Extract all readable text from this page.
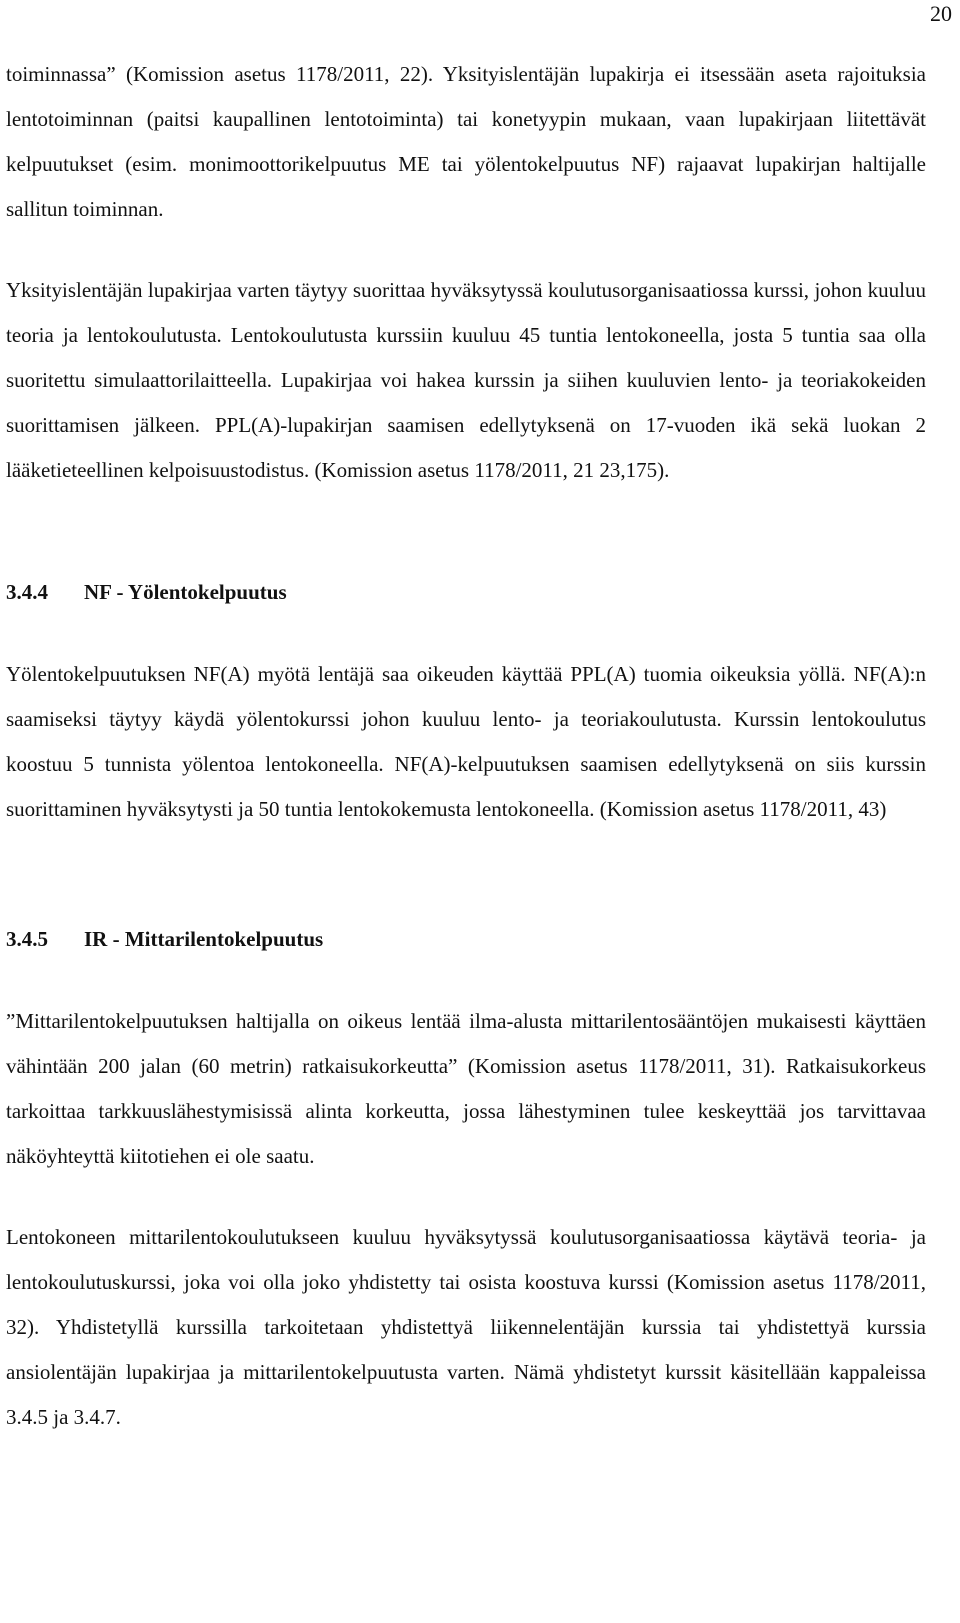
20

toiminnassa” (Komission asetus 1178/2011, 22). Yksityislentäjän lupakirja ei itsessään aseta rajoituksia lentotoiminnan (paitsi kaupallinen lentotoiminta) tai konetyypin mukaan, vaan lupakirjaan liitettävät kelpuutukset (esim. monimoottorikelpuutus ME tai yölentokelpuutus NF) rajaavat lupakirjan haltijalle sallitun toiminnan.

Yksityislentäjän lupakirjaa varten täytyy suorittaa hyväksytyssä koulutusorganisaatiossa kurssi, johon kuuluu teoria ja lentokoulutusta. Lentokoulutusta kurssiin kuuluu 45 tuntia lentokoneella, josta 5 tuntia saa olla suoritettu simulaattorilaitteella. Lupakirjaa voi hakea kurssin ja siihen kuuluvien lento- ja teoriakokeiden suorittamisen jälkeen. PPL(A)-lupakirjan saamisen edellytyksenä on 17-vuoden ikä sekä luokan 2 lääketieteellinen kelpoisuustodistus. (Komission asetus 1178/2011, 21 23,175).

3.4.4	NF - Yölentokelpuutus

Yölentokelpuutuksen NF(A) myötä lentäjä saa oikeuden käyttää PPL(A) tuomia oikeuksia yöllä. NF(A):n saamiseksi täytyy käydä yölentokurssi johon kuuluu lento- ja teoriakoulutusta. Kurssin lentokoulutus koostuu 5 tunnista yölentoa lentokoneella. NF(A)-kelpuutuksen saamisen edellytyksenä on siis kurssin suorittaminen hyväksytysti ja 50 tuntia lentokokemusta lentokoneella. (Komission asetus 1178/2011, 43)

3.4.5	IR - Mittarilentokelpuutus

”Mittarilentokelpuutuksen haltijalla on oikeus lentää ilma-alusta mittarilentosääntöjen mukaisesti käyttäen vähintään 200 jalan (60 metrin) ratkaisukorkeutta” (Komission asetus 1178/2011, 31). Ratkaisukorkeus tarkoittaa tarkkuuslähestymisissä alinta korkeutta, jossa lähestyminen tulee keskeyttää jos tarvittavaa näköyhteyttä kiitotiehen ei ole saatu.

Lentokoneen mittarilentokoulutukseen kuuluu hyväksytyssä koulutusorganisaatiossa käytävä teoria- ja lentokoulutuskurssi, joka voi olla joko yhdistetty tai osista koostuva kurssi (Komission asetus 1178/2011, 32). Yhdistetyllä kurssilla tarkoitetaan yhdistettyä liikennelentäjän kurssia tai yhdistettyä kurssia ansiolentäjän lupakirjaa ja mittarilentokelpuutusta varten. Nämä yhdistetyt kurssit käsitellään kappaleissa 3.4.5 ja 3.4.7.
